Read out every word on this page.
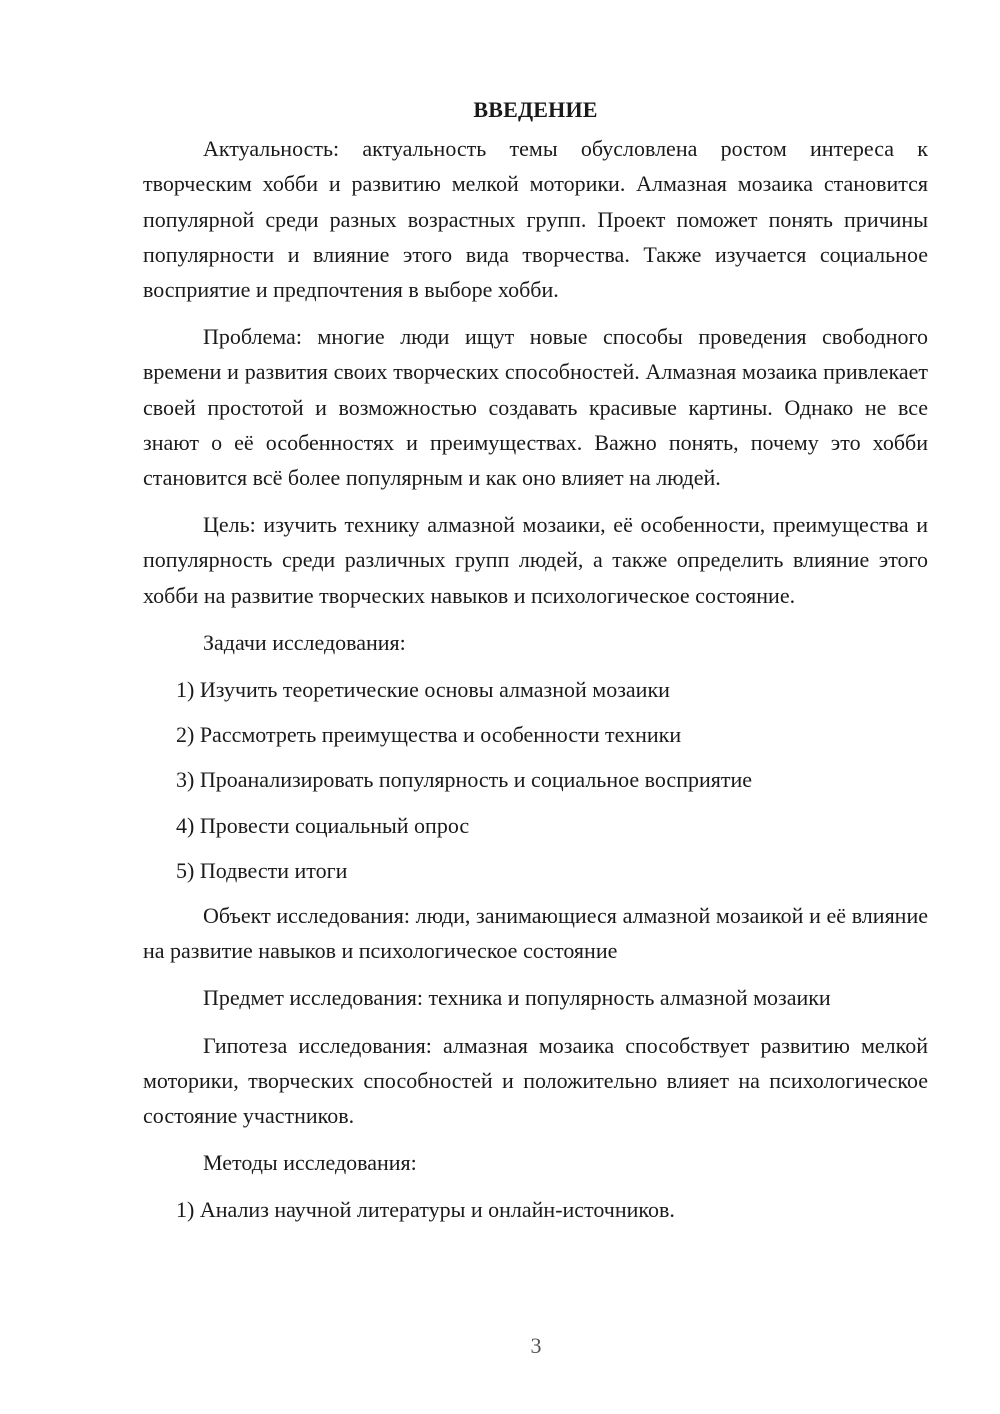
ВВЕДЕНИЕ

Актуальность: актуальность темы обусловлена ростом интереса к творческим хобби и развитию мелкой моторики. Алмазная мозаика становится популярной среди разных возрастных групп. Проект поможет понять причины популярности и влияние этого вида творчества. Также изучается социальное восприятие и предпочтения в выборе хобби.

Проблема: многие люди ищут новые способы проведения свободного времени и развития своих творческих способностей. Алмазная мозаика привлекает своей простотой и возможностью создавать красивые картины. Однако не все знают о её особенностях и преимуществах. Важно понять, почему это хобби становится всё более популярным и как оно влияет на людей.

Цель: изучить технику алмазной мозаики, её особенности, преимущества и популярность среди различных групп людей, а также определить влияние этого хобби на развитие творческих навыков и психологическое состояние.

Задачи исследования:

1) Изучить теоретические основы алмазной мозаики
2) Рассмотреть преимущества и особенности техники
3) Проанализировать популярность и социальное восприятие
4) Провести социальный опрос
5) Подвести итоги

Объект исследования: люди, занимающиеся алмазной мозаикой и её влияние на развитие навыков и психологическое состояние

Предмет исследования: техника и популярность алмазной мозаики

Гипотеза исследования: алмазная мозаика способствует развитию мелкой моторики, творческих способностей и положительно влияет на психологическое состояние участников.

Методы исследования:

1) Анализ научной литературы и онлайн-источников.
3
